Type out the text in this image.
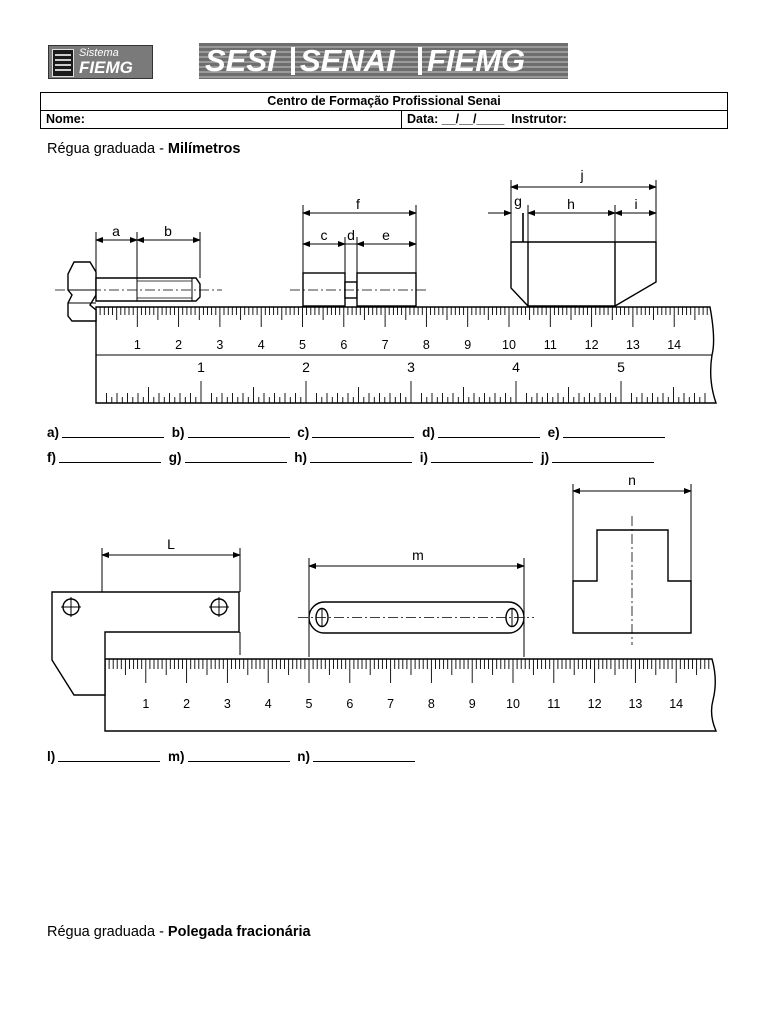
Sistema
FIEMG SESI SENAI FIEMG
Centro de Formação Profissional Senai
Nome:	Data: __/__/____ Instrutor:
Régua graduada - Milímetros
1	2	3	4	5	6	7	8	9 10 11 12 13 14
1	2	3	4	5
a	b
f
c d e
j
g	h	i
a)	b)	c)	d)	e)
f)	g)	h)	i)	j)
1	2	3	4	5	6	7	8	9 10 11 12 13 14
L
m
n
l)	m)	n)
Régua graduada - Polegada fracionária
